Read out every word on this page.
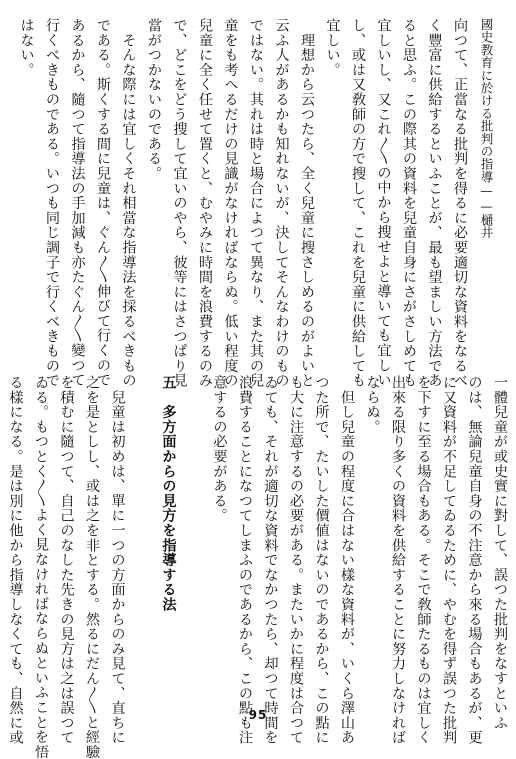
國史教育に於ける批判の指導——樋井
向つて、正當なる批判を得るに必要適切な資料をなるべ
く豐富に供給するといふことが、最も望ましい方法であ
ると思ふ。この際其の資料を兒童自身にさがさしめても
宜しいし、又これ〳〵の中から搜せよと導いても宜しい
し、或は又敎師の方で搜して、これを兒童に供給しても
宜しい。
　理想から云つたら、全く兒童に搜さしめるのがよいと
云ふ人があるかも知れないが、決してそんなわけのもの
ではない。其れは時と場合によつて異なり、また其の兒
童をも考へるだけの見識がなければならぬ。低い程度の
兒童に全く任せて置くと、むやみに時間を浪費するのみ
で、どこをどう搜して宜いのやら、彼等にはさつぱり見
當がつかないのである。
　そんな際には宜しくそれ相當な指導法を採るべきもの
である。斯くする間に兒童は、ぐん〳〵伸びて行くので
あるから、隨つて指導法の手加減も亦たぐん〳〵變つて
行くべきものである。いつも同じ調子で行くべきもので
はない。
一體兒童が或史實に對して、誤つた批判をなすといふ
のは、無論兒童自身の不注意から來る場合もあるが、更
に又資料が不足してゐるために、やむを得ず誤つた批判
を下すに至る場合もある。そこで敎師たるものは宜しく
出來る限り多くの資料を供給することに努力しなければ
ならぬ。
　但し兒童の程度に合はない樣な資料が、いくら澤山あ
つた所で、たいした價値はないのであるから、この點に
も大に注意するの必要がある。またいかに程度は合つて
ゐても、それが適切な資料でなかつたら、却つて時間を
浪費することになつてしまふのであるから、この點も注
意するの必要がある。

五　多方面からの見方を指導する法

　兒童は初めは、單に一つの方面からのみ見て、直ちに
之を是としし、或は之を非とする。然るにだん〳〵と經驗
を積むに隨つて、自己のなした先きの見方は之は誤つて
ゐる。もつとく〳〵よく見なければならぬといふことを悟
る樣になる。是は別に他から指導しなくても、自然に或	95
